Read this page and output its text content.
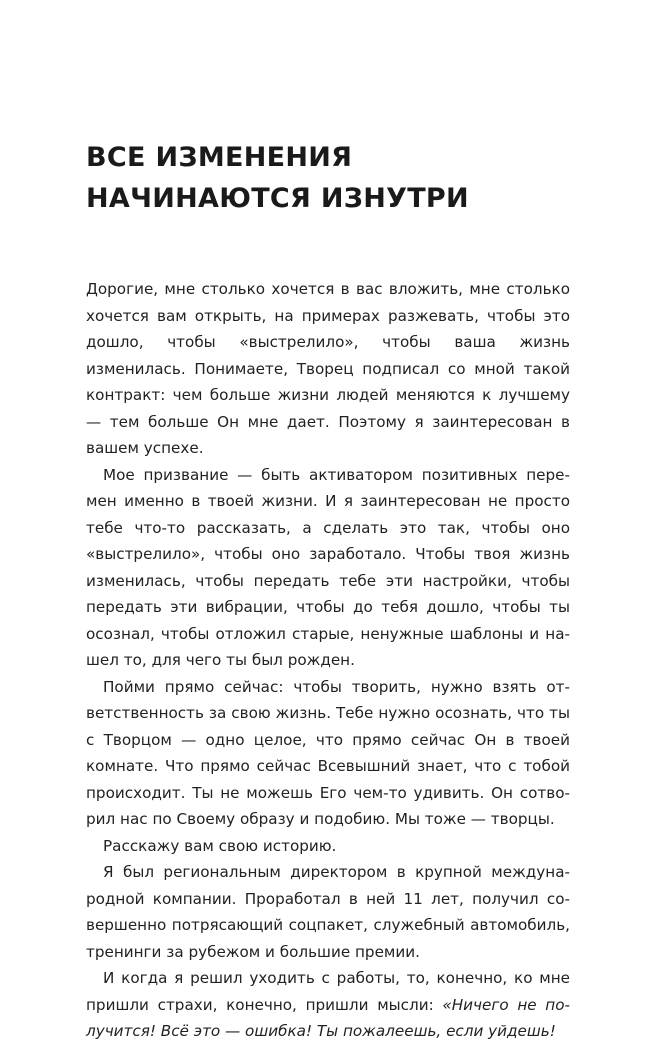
ВСЕ ИЗМЕНЕНИЯ
НАЧИНАЮТСЯ ИЗНУТРИ

Дорогие, мне столько хочется в вас вложить, мне столько хочется вам открыть, на примерах разжевать, чтобы это дошло, чтобы «выстрелило», чтобы ваша жизнь изменилась. Понимаете, Творец подписал со мной такой контракт: чем больше жизни людей меняются к лучшему — тем больше Он мне дает. Поэтому я заинтересован в вашем успехе.

Мое призвание — быть активатором позитивных перемен именно в твоей жизни. И я заинтересован не просто тебе что-то рассказать, а сделать это так, чтобы оно «выстрелило», чтобы оно заработало. Чтобы твоя жизнь изменилась, чтобы передать тебе эти настройки, чтобы передать эти вибрации, чтобы до тебя дошло, чтобы ты осознал, чтобы отложил старые, ненужные шаблоны и нашел то, для чего ты был рожден.

Пойми прямо сейчас: чтобы творить, нужно взять ответственность за свою жизнь. Тебе нужно осознать, что ты с Творцом — одно целое, что прямо сейчас Он в твоей комнате. Что прямо сейчас Всевышний знает, что с тобой происходит. Ты не можешь Его чем-то удивить. Он сотворил нас по Своему образу и подобию. Мы тоже — творцы.

Расскажу вам свою историю.

Я был региональным директором в крупной международной компании. Проработал в ней 11 лет, получил совершенно потрясающий соцпакет, служебный автомобиль, тренинги за рубежом и большие премии.

И когда я решил уходить с работы, то, конечно, ко мне пришли страхи, конечно, пришли мысли: «Ничего не получится! Всё это — ошибка! Ты пожалеешь, если уйдешь!
